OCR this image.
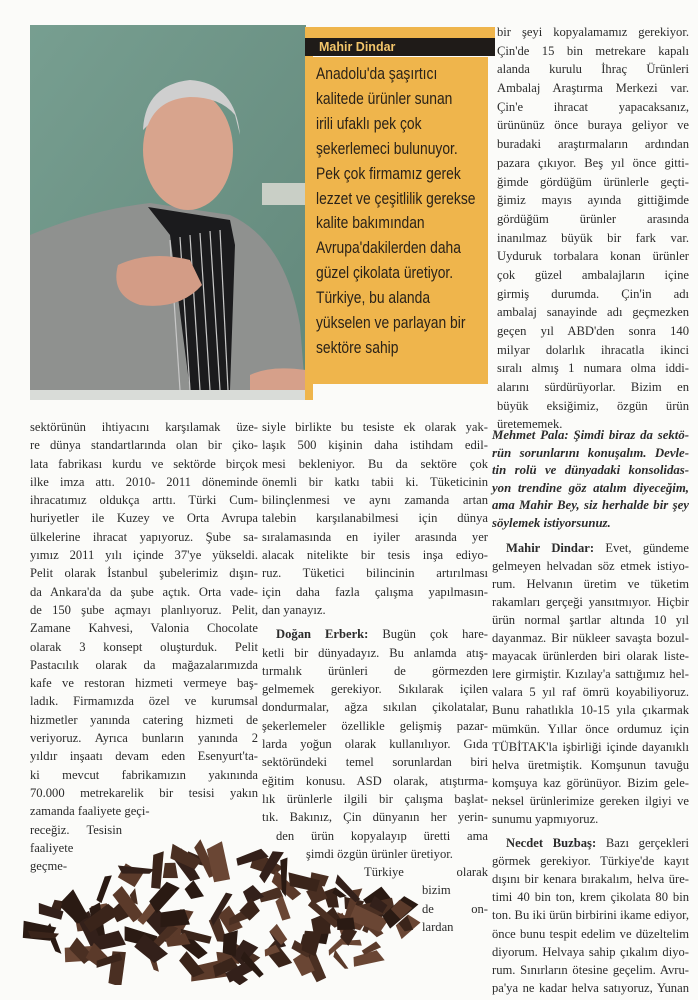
Mahir Dindar
Anadolu'da şaşırtıcı
kalitede ürünler sunan
irili ufaklı pek çok
şekerlemeci bulunuyor.
Pek çok firmamız gerek
lezzet ve çeşitlilik gerekse
kalite bakımından
Avrupa'dakilerden daha
güzel çikolata üretiyor.
Türkiye, bu alanda
yükselen ve parlayan bir
sektöre sahip
sektörünün ihtiyacını karşılamak üze-
re dünya standartlarında olan bir çiko-
lata fabrikası kurdu ve sektörde birçok
ilke imza attı. 2010- 2011 döneminde
ihracatımız oldukça arttı. Türki Cum-
huriyetler ile Kuzey ve Orta Avrupa
ülkelerine ihracat yapıyoruz. Şube sa-
yımız 2011 yılı içinde 37'ye yükseldi.
Pelit olarak İstanbul şubelerimiz dışın-
da Ankara'da da şube açtık. Orta vade-
de 150 şube açmayı planlıyoruz. Pelit,
Zamane Kahvesi, Valonia Chocolate
olarak 3 konsept oluşturduk. Pelit
Pastacılık olarak da mağazalarımızda
kafe ve restoran hizmeti vermeye baş-
ladık. Firmamızda özel ve kurumsal
hizmetler yanında catering hizmeti de
veriyoruz. Ayrıca bunların yanında 2
yıldır inşaatı devam eden Esenyurt'ta-
ki mevcut fabrikamızın yakınında
70.000 metrekarelik bir tesisi yakın
zamanda faaliyete geçi-
receğiz. Tesisin
faaliyete
geçme-
siyle birlikte bu tesiste ek olarak yak-
laşık 500 kişinin daha istihdam edil-
mesi bekleniyor. Bu da sektöre çok
önemli bir katkı tabii ki. Tüketicinin
bilinçlenmesi ve aynı zamanda artan
talebin karşılanabilmesi için dünya
sıralamasında en iyiler arasında yer
alacak nitelikte bir tesis inşa ediyo-
ruz. Tüketici bilincinin artırılması
için daha fazla çalışma yapılmasın-
dan yanayız.
Doğan Erberk: Bugün çok hare-
ketli bir dünyadayız. Bu anlamda atış-
tırmalık ürünleri de görmezden
gelmemek gerekiyor. Sıkılarak içilen
dondurmalar, ağza sıkılan çikolatalar,
şekerlemeler özellikle gelişmiş pazar-
larda yoğun olarak kullanılıyor. Gıda
sektöründeki temel sorunlardan biri
eğitim konusu. ASD olarak, atıştırma-
lık ürünlerle ilgili bir çalışma başlat-
tık. Bakınız, Çin dünyanın her yerin-
den ürün kopyalayıp üretti ama
şimdi özgün ürünler üretiyor.
Türkiye olarak
bizim
de on-
lardan
bir şeyi kopyalamamız gerekiyor.
Çin'de 15 bin metrekare kapalı
alanda kurulu İhraç Ürünleri
Ambalaj Araştırma Merkezi var.
Çin'e ihracat yapacaksanız,
ürününüz önce buraya geliyor ve
buradaki araştırmaların ardından
pazara çıkıyor. Beş yıl önce gitti-
ğimde gördüğüm ürünlerle geçti-
ğimiz mayıs ayında gittiğimde
gördüğüm ürünler arasında
inanılmaz büyük bir fark var.
Uyduruk torbalara konan ürünler
çok güzel ambalajların içine
girmiş durumda. Çin'in adı
ambalaj sanayinde adı geçmezken
geçen yıl ABD'den sonra 140
milyar dolarlık ihracatla ikinci
sıralı almış 1 numara olma iddi-
alarını sürdürüyorlar. Bizim en
büyük eksiğimiz, özgün ürün
üretememek.
Mehmet Pala: Şimdi biraz da sektö-
rün sorunlarını konuşalım. Devle-
tin rolü ve dünyadaki konsolidas-
yon trendine göz atalım diyeceğim,
ama Mahir Bey, siz herhalde bir şey
söylemek istiyorsunuz.
Mahir Dindar: Evet, gündeme
gelmeyen helvadan söz etmek istiyo-
rum. Helvanın üretim ve tüketim
rakamları gerçeği yansıtmıyor. Hiçbir
ürün normal şartlar altında 10 yıl
dayanmaz. Bir nükleer savaşta bozul-
mayacak ürünlerden biri olarak liste-
lere girmiştir. Kızılay'a sattığımız hel-
valara 5 yıl raf ömrü koyabiliyoruz.
Bunu rahatlıkla 10-15 yıla çıkarmak
mümkün. Yıllar önce ordumuz için
TÜBİTAK'la işbirliği içinde dayanıklı
helva üretmiştik. Komşunun tavuğu
komşuya kaz görünüyor. Bizim gele-
neksel ürünlerimize gereken ilgiyi ve
sunumu yapmıyoruz.
Necdet Buzbaş: Bazı gerçekleri
görmek gerekiyor. Türkiye'de kayıt
dışını bir kenara bırakalım, helva üre-
timi 40 bin ton, krem çikolata 80 bin
ton. Bu iki ürün birbirini ikame ediyor,
önce bunu tespit edelim ve düzeltelim
diyorum. Helvaya sahip çıkalım diyo-
rum. Sınırların ötesine geçelim. Avru-
pa'ya ne kadar helva satıyoruz, Yunan
